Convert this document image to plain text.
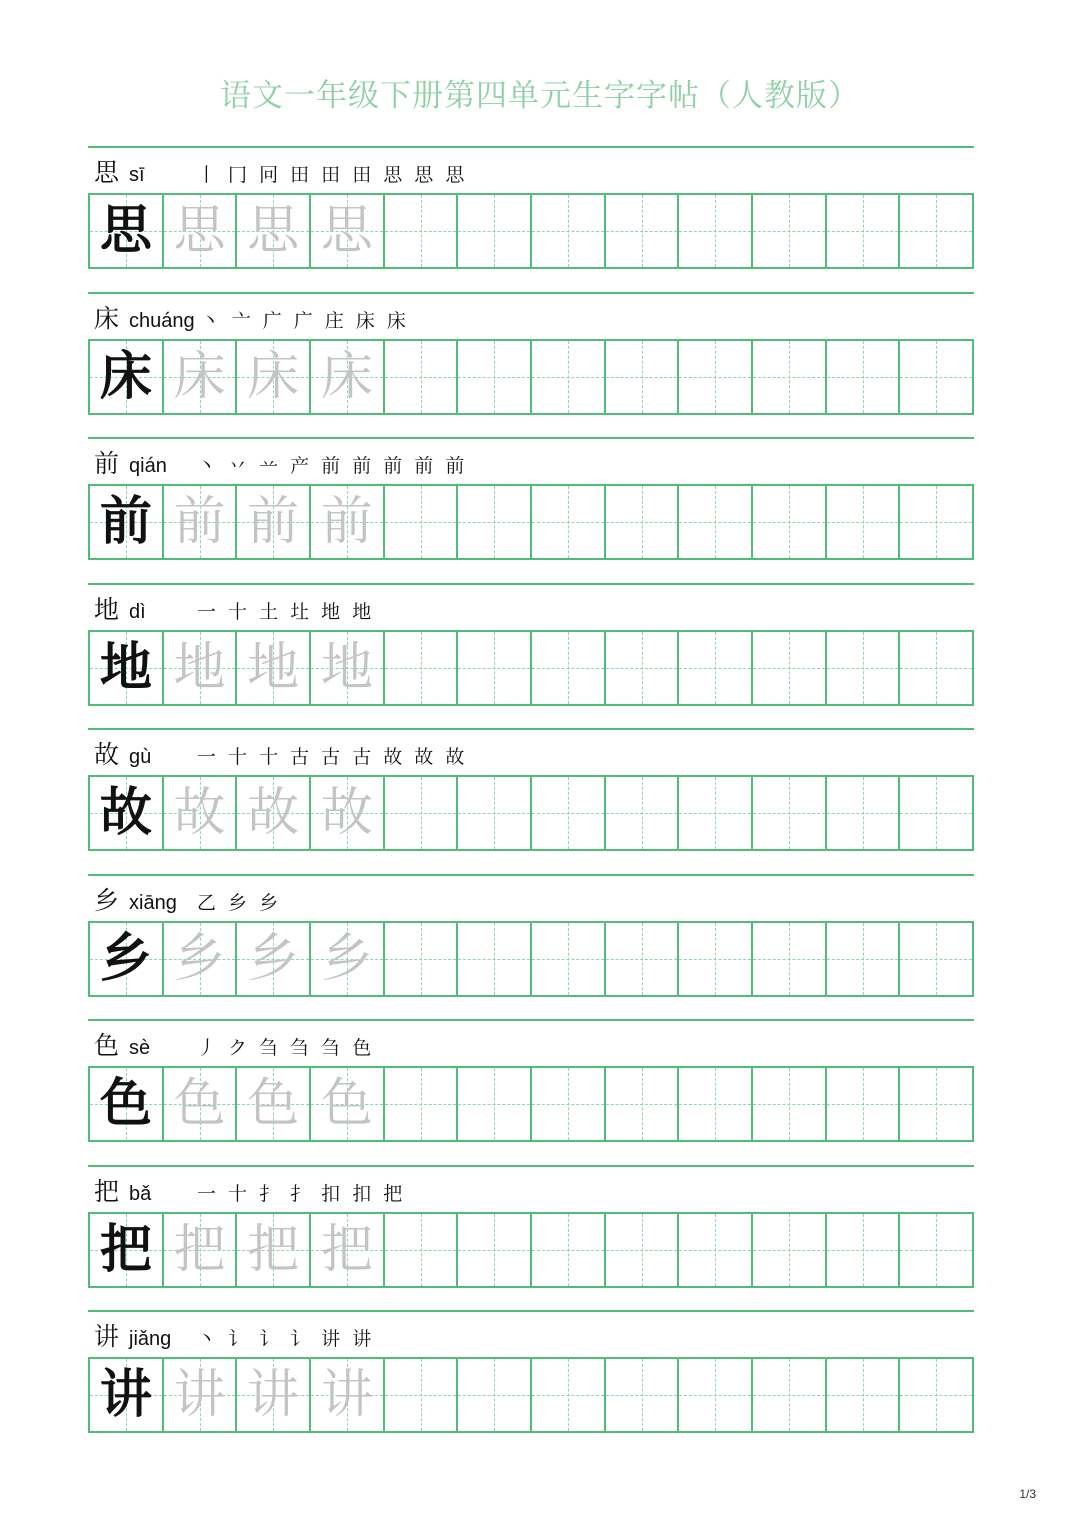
语文一年级下册第四单元生字字帖（人教版）
思 sī	丨 冂 冋 田 田 田 思 思 思
思 思 思 思
床 chuáng 丶 亠 广 广 庄 床 床
床 床 床 床
前 qián	丶 丷 䒑 产 前 前 前 前 前
前 前 前 前
地 dì	一 十 土 圵 地 地
地 地 地 地
故 gù	一 十 十 古 古 古 故 故 故
故 故 故 故
乡 xiāng	乙 乡 乡
乡 乡 乡 乡
色 sè	丿 ク 刍 刍 刍 色
色 色 色 色
把 bǎ	一 十 扌 扌 扣 扣 把
把 把 把 把
讲 jiǎng	丶 讠 讠 讠 讲 讲
讲 讲 讲 讲
1/3
